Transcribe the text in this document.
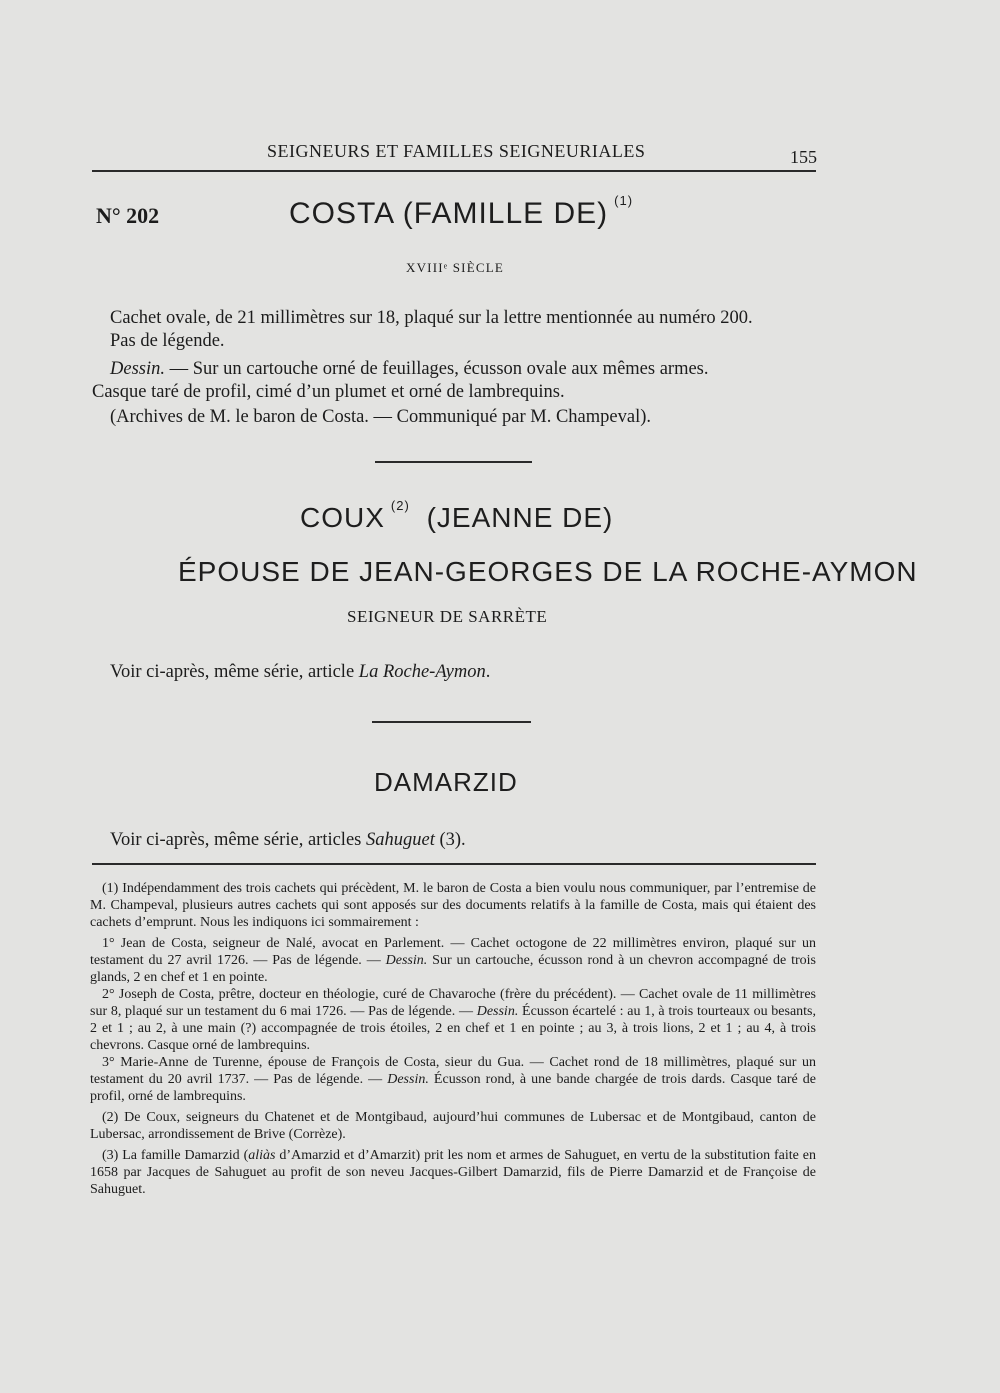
SEIGNEURS ET FAMILLES SEIGNEURIALES	155
N° 202	COSTA (FAMILLE DE) $^{(1)}$
XVIIIᵉ SIÈCLE
Cachet ovale, de 21 millimètres sur 18, plaqué sur la lettre mentionnée au numéro 200.
Pas de légende.
Dessin. — Sur un cartouche orné de feuillages, écusson ovale aux mêmes armes.
Casque taré de profil, cimé d’un plumet et orné de lambrequins.
(Archives de M. le baron de Costa. — Communiqué par M. Champeval).
COUX $^{(2)}$ (JEANNE DE)
ÉPOUSE DE JEAN-GEORGES DE LA ROCHE-AYMON
SEIGNEUR DE SARRÈTE
Voir ci-après, même série, article La Roche-Aymon.
DAMARZID
Voir ci-après, même série, articles Sahuguet (3).

(1) Indépendamment des trois cachets qui précèdent, M. le baron de Costa a bien voulu nous communiquer, par l’entremise de M. Champeval, plusieurs autres cachets qui sont apposés sur des documents relatifs à la famille de Costa, mais qui étaient des cachets d’emprunt. Nous les indiquons ici sommairement :

1° Jean de Costa, seigneur de Nalé, avocat en Parlement. — Cachet octogone de 22 millimètres environ, plaqué sur un testament du 27 avril 1726. — Pas de légende. — Dessin. Sur un cartouche, écusson rond à un chevron accompagné de trois glands, 2 en chef et 1 en pointe.

2° Joseph de Costa, prêtre, docteur en théologie, curé de Chavaroche (frère du précédent). — Cachet ovale de 11 millimètres sur 8, plaqué sur un testament du 6 mai 1726. — Pas de légende. — Dessin. Écusson écartelé : au 1, à trois tourteaux ou besants, 2 et 1 ; au 2, à une main (?) accompagnée de trois étoiles, 2 en chef et 1 en pointe ; au 3, à trois lions, 2 et 1 ; au 4, à trois chevrons. Casque orné de lambrequins.

3° Marie-Anne de Turenne, épouse de François de Costa, sieur du Gua. — Cachet rond de 18 millimètres, plaqué sur un testament du 20 avril 1737. — Pas de légende. — Dessin. Écusson rond, à une bande chargée de trois dards. Casque taré de profil, orné de lambrequins.

(2) De Coux, seigneurs du Chatenet et de Montgibaud, aujourd’hui communes de Lubersac et de Montgibaud, canton de Lubersac, arrondissement de Brive (Corrèze).

(3) La famille Damarzid (aliàs d’Amarzid et d’Amarzit) prit les nom et armes de Sahuguet, en vertu de la substitution faite en 1658 par Jacques de Sahuguet au profit de son neveu Jacques-Gilbert Damarzid, fils de Pierre Damarzid et de Françoise de Sahuguet.
